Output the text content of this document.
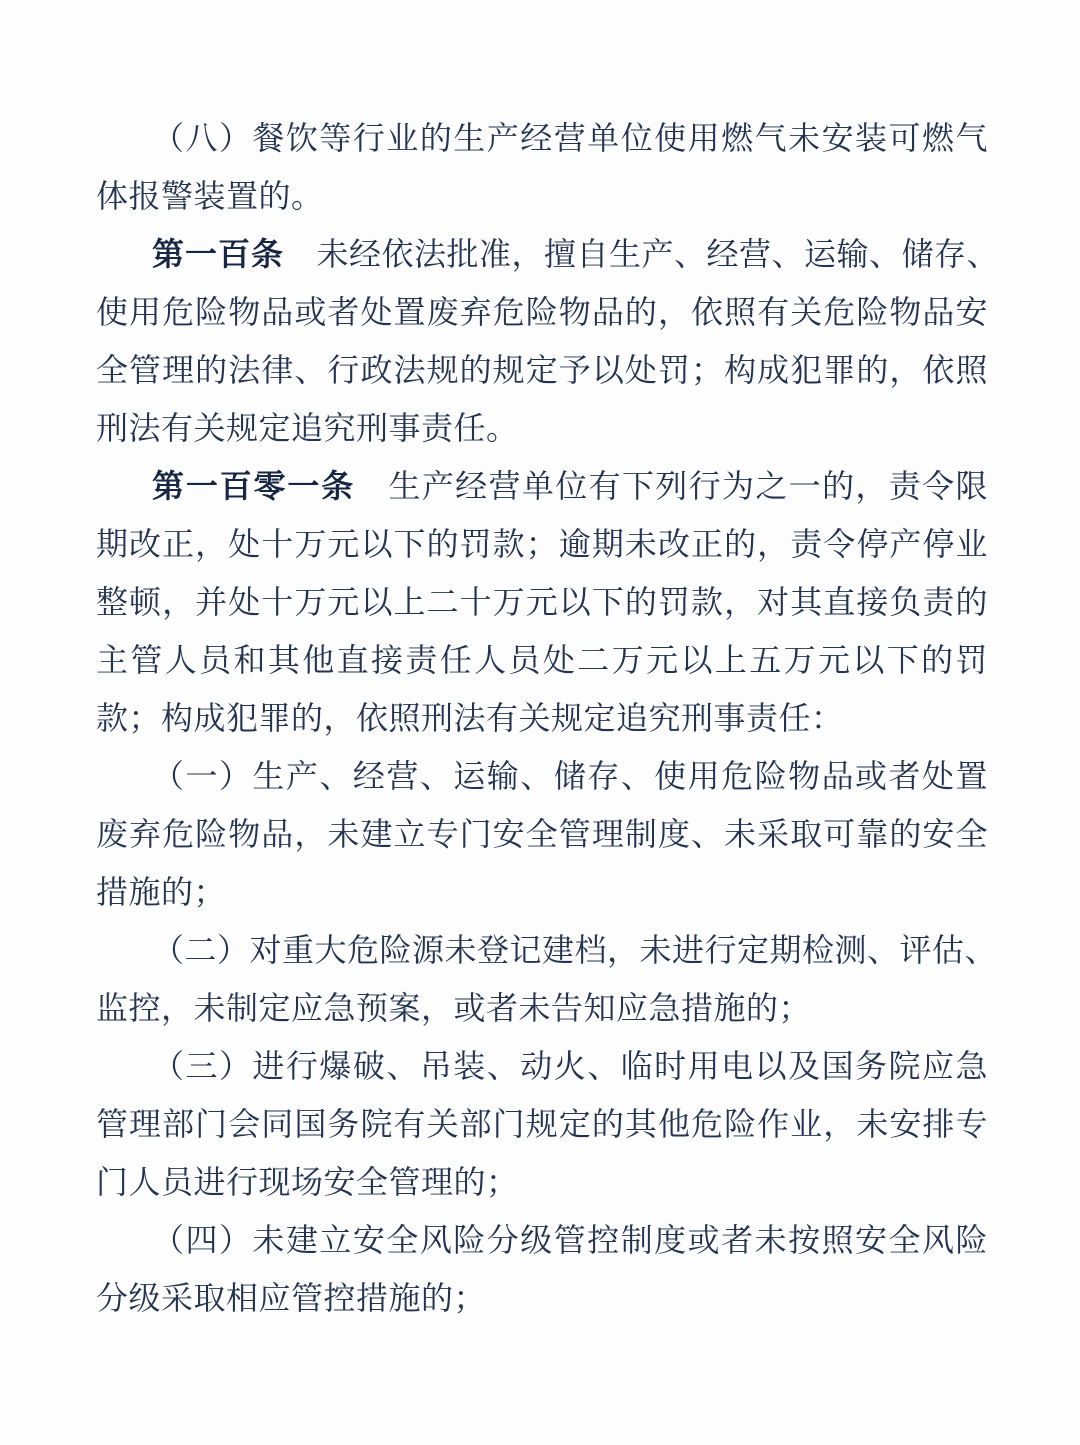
（八）餐饮等行业的生产经营单位使用燃气未安装可燃气
体报警装置的。
第一百条　未经依法批准，擅自生产、经营、运输、储存、
使用危险物品或者处置废弃危险物品的，依照有关危险物品安
全管理的法律、行政法规的规定予以处罚；构成犯罪的，依照
刑法有关规定追究刑事责任。
第一百零一条　生产经营单位有下列行为之一的，责令限
期改正，处十万元以下的罚款；逾期未改正的，责令停产停业
整顿，并处十万元以上二十万元以下的罚款，对其直接负责的
主管人员和其他直接责任人员处二万元以上五万元以下的罚
款；构成犯罪的，依照刑法有关规定追究刑事责任：
（一）生产、经营、运输、储存、使用危险物品或者处置
废弃危险物品，未建立专门安全管理制度、未采取可靠的安全
措施的；
（二）对重大危险源未登记建档，未进行定期检测、评估、
监控，未制定应急预案，或者未告知应急措施的；
（三）进行爆破、吊装、动火、临时用电以及国务院应急
管理部门会同国务院有关部门规定的其他危险作业，未安排专
门人员进行现场安全管理的；
（四）未建立安全风险分级管控制度或者未按照安全风险
分级采取相应管控措施的；
